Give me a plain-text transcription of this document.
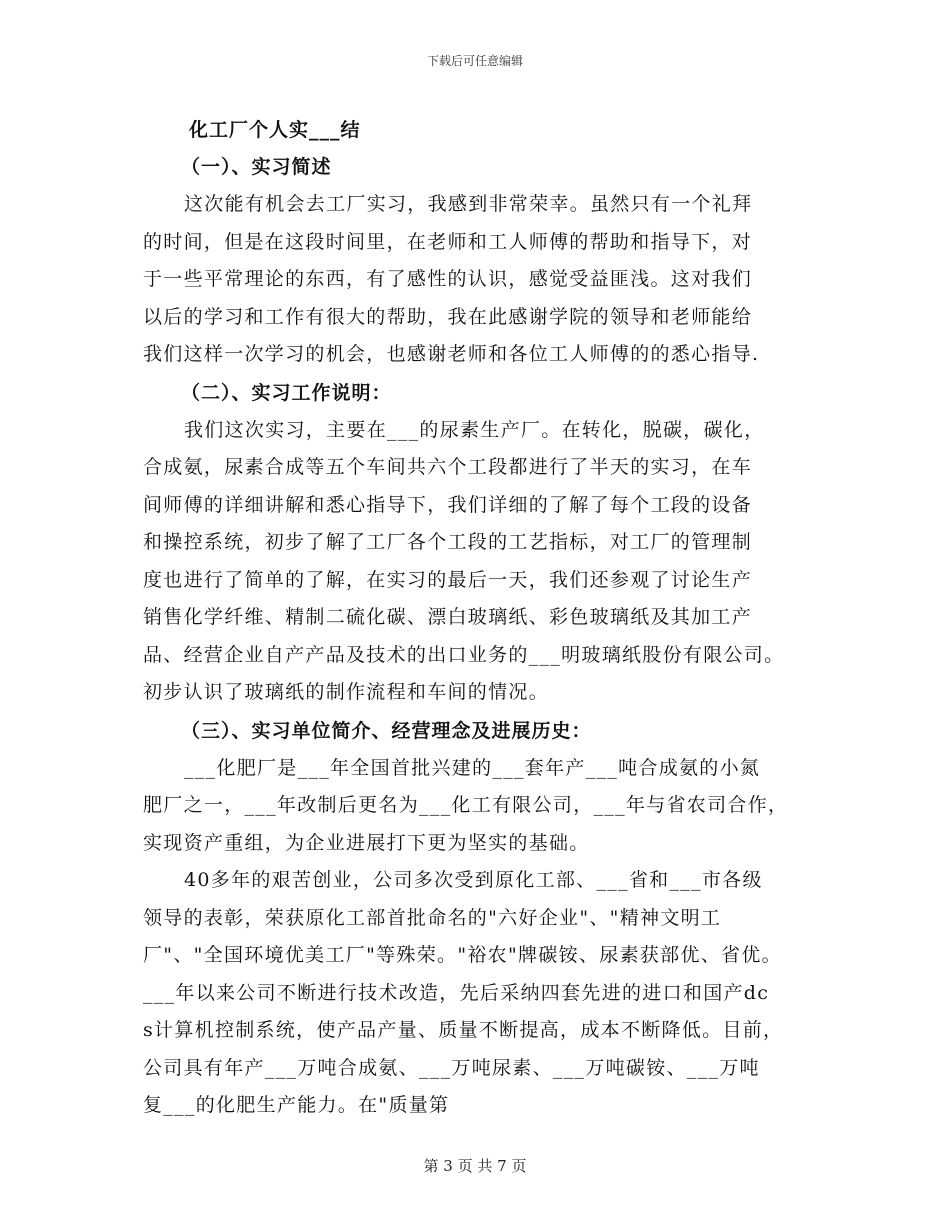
下载后可任意编辑
化工厂个人实___结
（一）、实习简述
这次能有机会去工厂实习，我感到非常荣幸。虽然只有一个礼拜
的时间，但是在这段时间里，在老师和工人师傅的帮助和指导下，对
于一些平常理论的东西，有了感性的认识，感觉受益匪浅。这对我们
以后的学习和工作有很大的帮助，我在此感谢学院的领导和老师能给
我们这样一次学习的机会，也感谢老师和各位工人师傅的的悉心指导.
（二）、实习工作说明：
我们这次实习，主要在___的尿素生产厂。在转化，脱碳，碳化，
合成氨，尿素合成等五个车间共六个工段都进行了半天的实习，在车
间师傅的详细讲解和悉心指导下，我们详细的了解了每个工段的设备
和操控系统，初步了解了工厂各个工段的工艺指标，对工厂的管理制
度也进行了简单的了解，在实习的最后一天，我们还参观了讨论生产
销售化学纤维、精制二硫化碳、漂白玻璃纸、彩色玻璃纸及其加工产
品、经营企业自产产品及技术的出口业务的___明玻璃纸股份有限公司。
初步认识了玻璃纸的制作流程和车间的情况。
（三）、实习单位简介、经营理念及进展历史：
___化肥厂是___年全国首批兴建的___套年产___吨合成氨的小氮
肥厂之一，___年改制后更名为___化工有限公司，___年与省农司合作，
实现资产重组，为企业进展打下更为坚实的基础。
40多年的艰苦创业，公司多次受到原化工部、___省和___市各级
领导的表彰，荣获原化工部首批命名的"六好企业"、"精神文明工
厂"、"全国环境优美工厂"等殊荣。"裕农"牌碳铵、尿素获部优、省优。
___年以来公司不断进行技术改造，先后采纳四套先进的进口和国产dc
s计算机控制系统，使产品产量、质量不断提高，成本不断降低。目前，
公司具有年产___万吨合成氨、___万吨尿素、___万吨碳铵、___万吨
复___的化肥生产能力。在"质量第
第 3 页 共 7 页
